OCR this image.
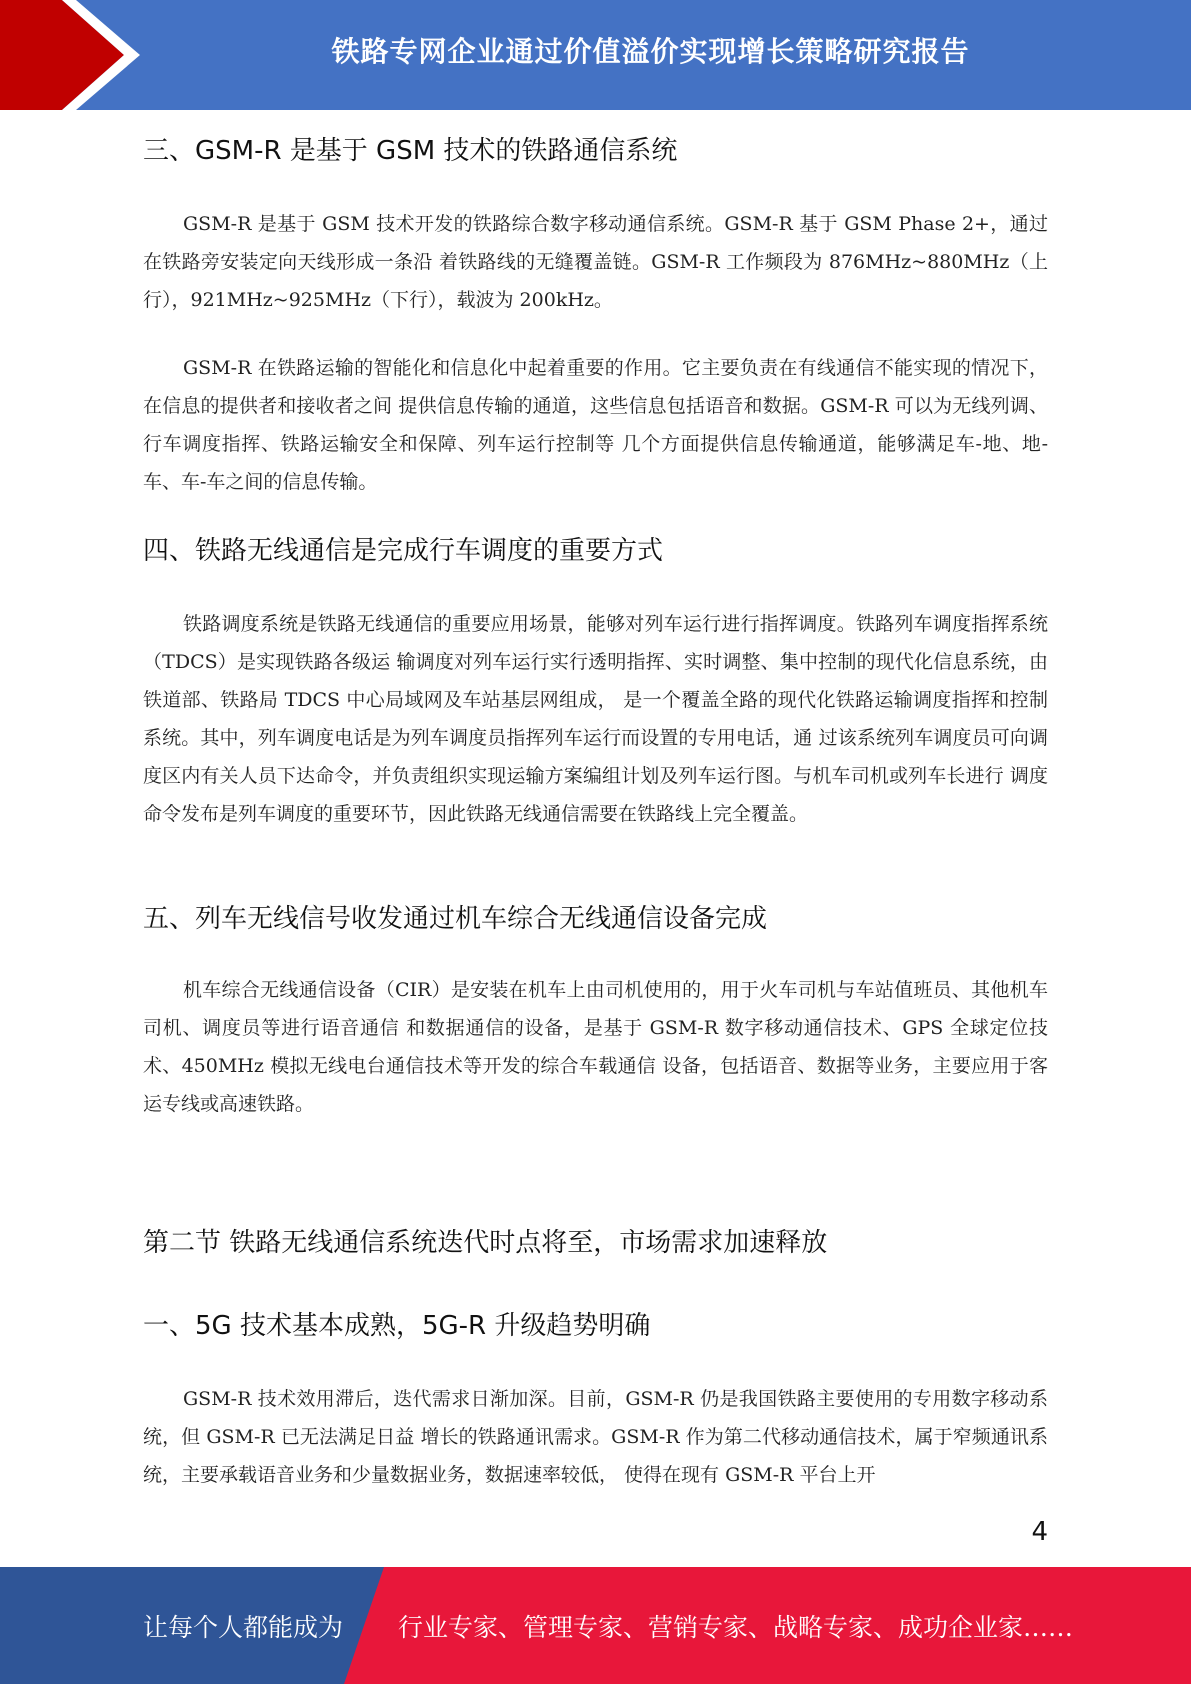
铁路专网企业通过价值溢价实现增长策略研究报告
三、GSM-R 是基于 GSM 技术的铁路通信系统

GSM-R 是基于 GSM 技术开发的铁路综合数字移动通信系统。GSM-R 基于 GSM Phase 2+，通过在铁路旁安装定向天线形成一条沿 着铁路线的无缝覆盖链。GSM-R 工作频段为 876MHz~880MHz（上行），921MHz~925MHz（下行），载波为 200kHz。

GSM-R 在铁路运输的智能化和信息化中起着重要的作用。它主要负责在有线通信不能实现的情况下，在信息的提供者和接收者之间 提供信息传输的通道，这些信息包括语音和数据。GSM-R 可以为无线列调、行车调度指挥、铁路运输安全和保障、列车运行控制等 几个方面提供信息传输通道，能够满足车-地、地-车、车-车之间的信息传输。

四、铁路无线通信是完成行车调度的重要方式

铁路调度系统是铁路无线通信的重要应用场景，能够对列车运行进行指挥调度。铁路列车调度指挥系统（TDCS）是实现铁路各级运 输调度对列车运行实行透明指挥、实时调整、集中控制的现代化信息系统，由铁道部、铁路局 TDCS 中心局域网及车站基层网组成， 是一个覆盖全路的现代化铁路运输调度指挥和控制系统。其中，列车调度电话是为列车调度员指挥列车运行而设置的专用电话，通 过该系统列车调度员可向调度区内有关人员下达命令，并负责组织实现运输方案编组计划及列车运行图。与机车司机或列车长进行 调度命令发布是列车调度的重要环节，因此铁路无线通信需要在铁路线上完全覆盖。

五、列车无线信号收发通过机车综合无线通信设备完成

机车综合无线通信设备（CIR）是安装在机车上由司机使用的，用于火车司机与车站值班员、其他机车司机、调度员等进行语音通信 和数据通信的设备，是基于 GSM-R 数字移动通信技术、GPS 全球定位技术、450MHz 模拟无线电台通信技术等开发的综合车载通信 设备，包括语音、数据等业务，主要应用于客运专线或高速铁路。

第二节 铁路无线通信系统迭代时点将至，市场需求加速释放
一、5G 技术基本成熟，5G-R 升级趋势明确

GSM-R 技术效用滞后，迭代需求日渐加深。目前，GSM-R 仍是我国铁路主要使用的专用数字移动系统，但 GSM-R 已无法满足日益 增长的铁路通讯需求。GSM-R 作为第二代移动通信技术，属于窄频通讯系统，主要承载语音业务和少量数据业务，数据速率较低， 使得在现有 GSM-R 平台上开

4
让每个人都能成为 行业专家、管理专家、营销专家、战略专家、成功企业家……
